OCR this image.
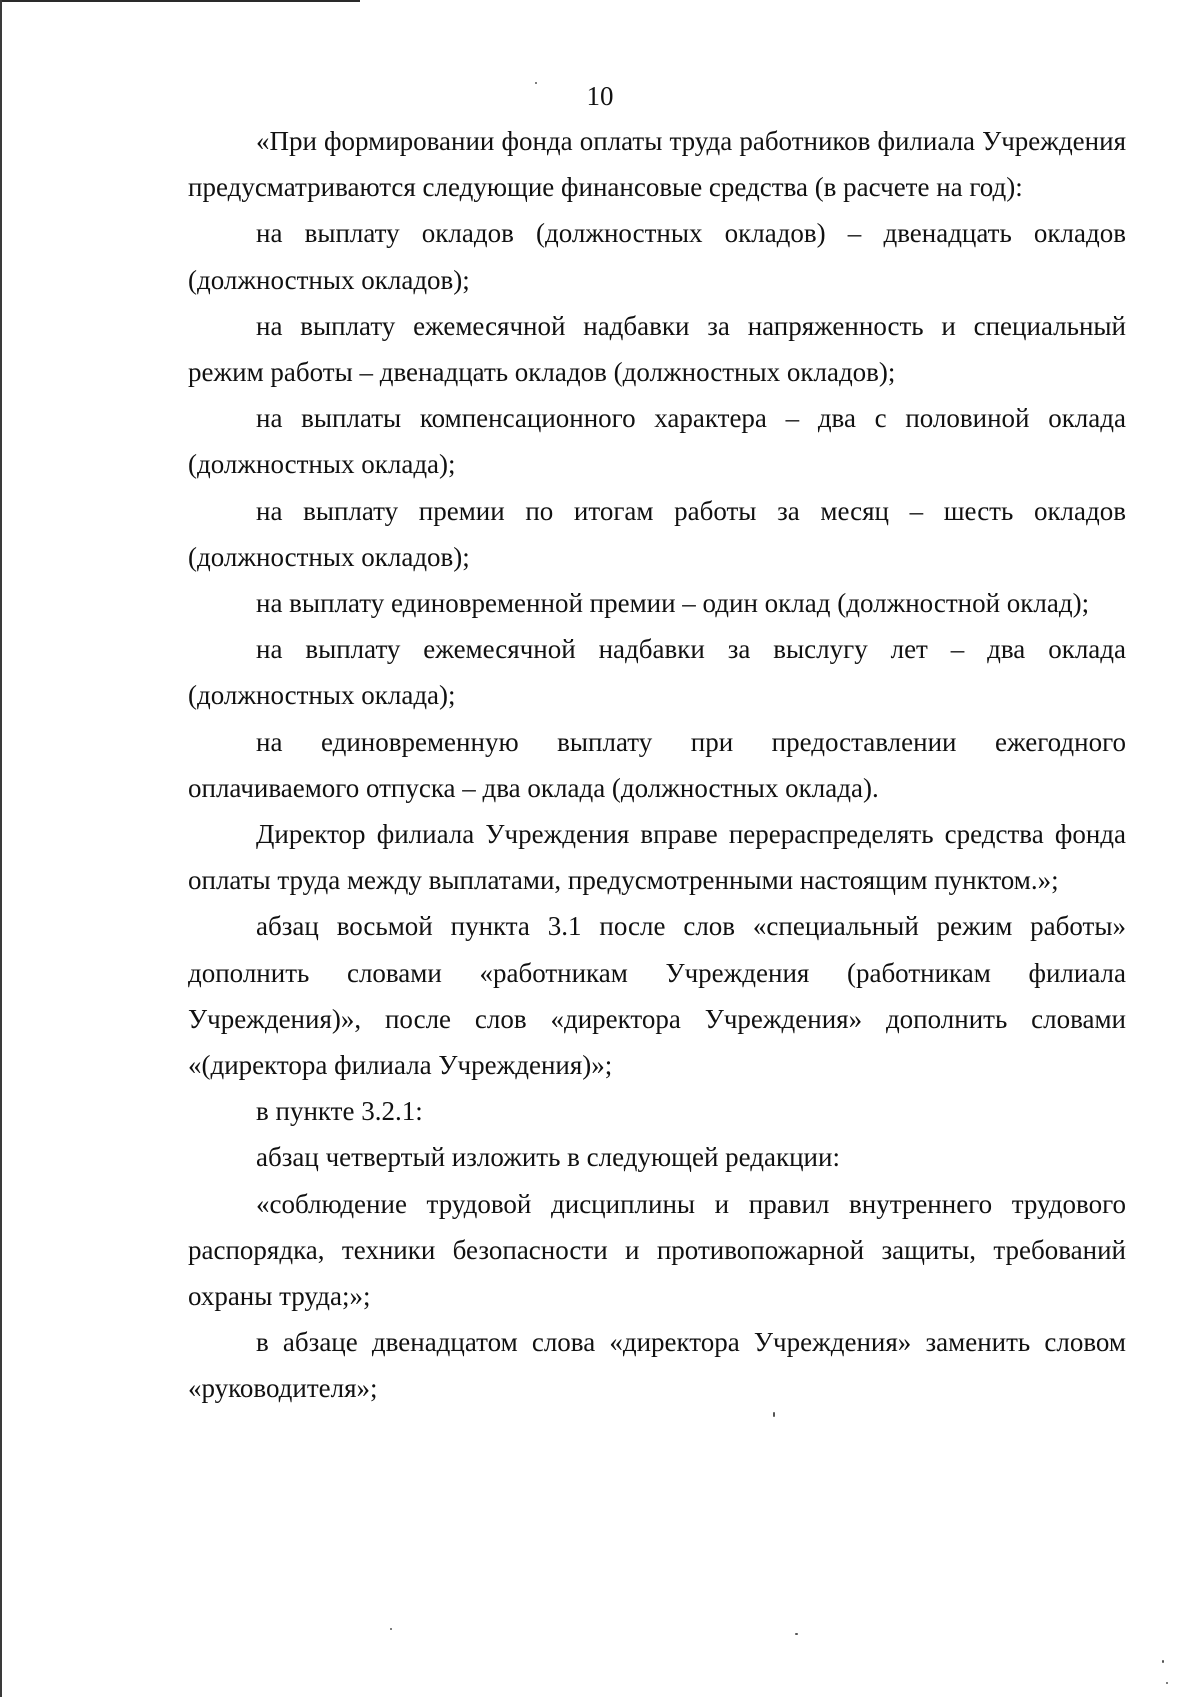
10

«При формировании фонда оплаты труда работников филиала Учреждения предусматриваются следующие финансовые средства (в расчете на год):

на выплату окладов (должностных окладов) – двенадцать окладов (должностных окладов);

на выплату ежемесячной надбавки за напряженность и специальный режим работы – двенадцать окладов (должностных окладов);

на выплаты компенсационного характера – два с половиной оклада (должностных оклада);

на выплату премии по итогам работы за месяц – шесть окладов (должностных окладов);

на выплату единовременной премии – один оклад (должностной оклад);

на выплату ежемесячной надбавки за выслугу лет – два оклада (должностных оклада);

на единовременную выплату при предоставлении ежегодного оплачиваемого отпуска – два оклада (должностных оклада).

Директор филиала Учреждения вправе перераспределять средства фонда оплаты труда между выплатами, предусмотренными настоящим пунктом.»;

абзац восьмой пункта 3.1 после слов «специальный режим работы» дополнить словами «работникам Учреждения (работникам филиала Учреждения)», после слов «директора Учреждения» дополнить словами «(директора филиала Учреждения)»;

в пункте 3.2.1:

абзац четвертый изложить в следующей редакции:

«соблюдение трудовой дисциплины и правил внутреннего трудового распорядка, техники безопасности и противопожарной защиты, требований охраны труда;»;

в абзаце двенадцатом слова «директора Учреждения» заменить словом «руководителя»;
